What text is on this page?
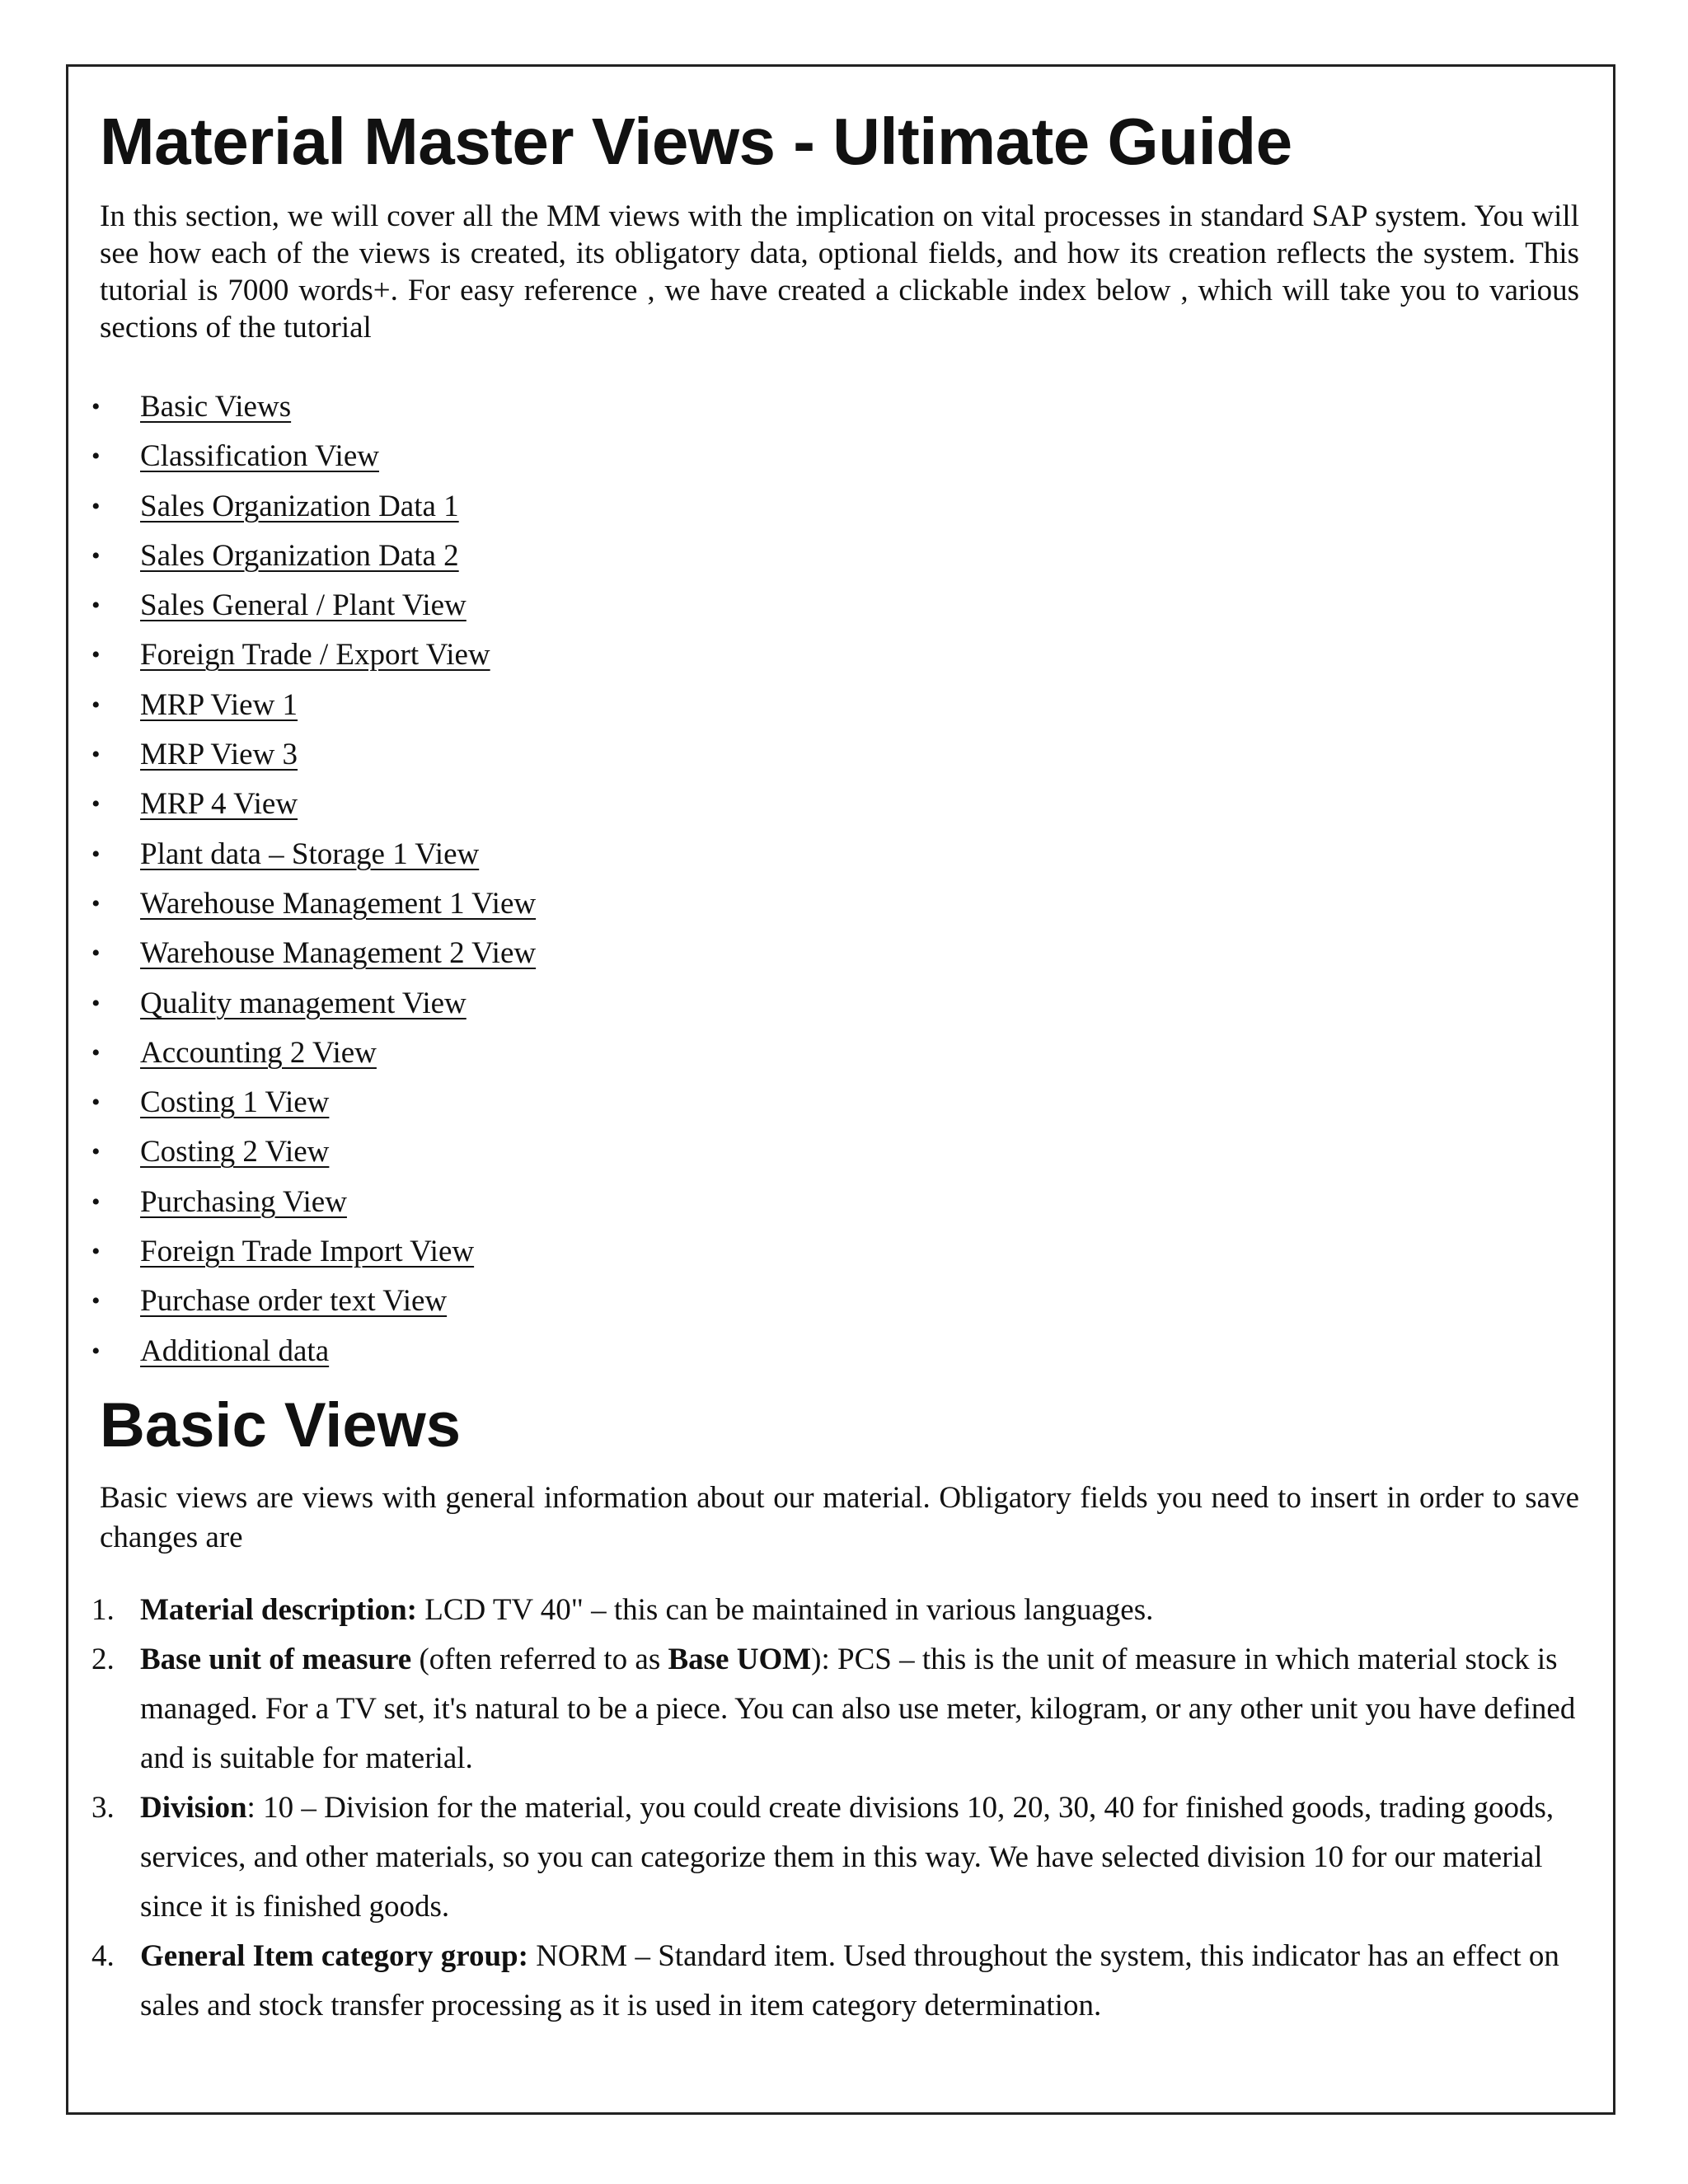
Material Master Views - Ultimate Guide

In this section, we will cover all the MM views with the implication on vital processes in standard SAP system. You will see how each of the views is created, its obligatory data, optional fields, and how its creation reflects the system. This tutorial is 7000 words+. For easy reference , we have created a clickable index below , which will take you to various sections of the tutorial

• Basic Views
• Classification View
• Sales Organization Data 1
• Sales Organization Data 2
• Sales General / Plant View
• Foreign Trade / Export View
• MRP View 1
• MRP View 3
• MRP 4 View
• Plant data – Storage 1 View
• Warehouse Management 1 View
• Warehouse Management 2 View
• Quality management View
• Accounting 2 View
• Costing 1 View
• Costing 2 View
• Purchasing View
• Foreign Trade Import View
• Purchase order text View
• Additional data
Basic Views

Basic views are views with general information about our material. Obligatory fields you need to insert in order to save changes are

1. Material description: LCD TV 40" – this can be maintained in various languages.
2. Base unit of measure (often referred to as Base UOM): PCS – this is the unit of measure in which material stock is managed. For a TV set, it's natural to be a piece. You can also use meter, kilogram, or any other unit you have defined and is suitable for material.
3. Division: 10 – Division for the material, you could create divisions 10, 20, 30, 40 for finished goods, trading goods, services, and other materials, so you can categorize them in this way. We have selected division 10 for our material since it is finished goods.
4. General Item category group: NORM – Standard item. Used throughout the system, this indicator has an effect on sales and stock transfer processing as it is used in item category determination.
